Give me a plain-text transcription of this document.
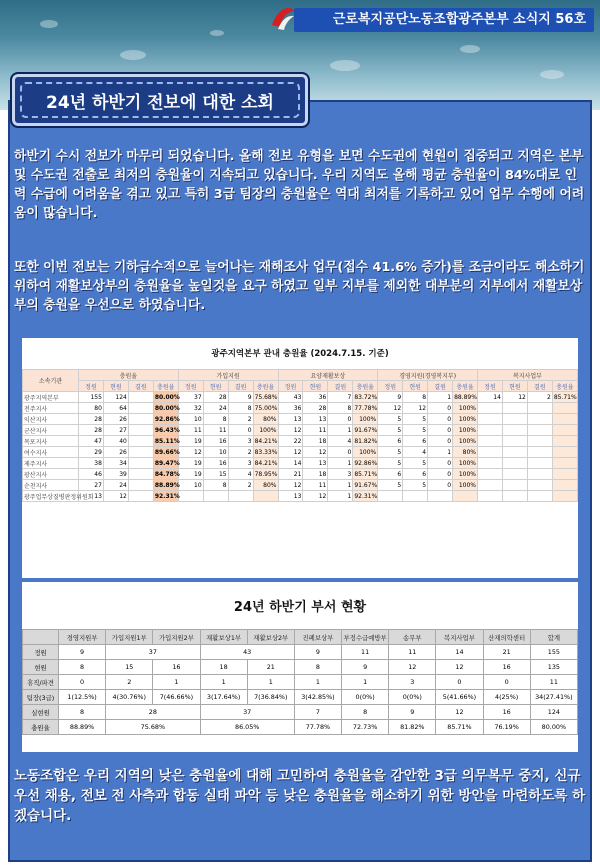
근로복지공단노동조합광주본부 소식지 56호
24년 하반기 전보에 대한 소회
하반기 수시 전보가 마무리 되었습니다. 올해 전보 유형을 보면 수도권에 현원이 집중되고 지역은 본부 및 수도권 전출로 최저의 충원율이 지속되고 있습니다. 우리 지역도 올해 평균 충원율이 84%대로 인력 수급에 어려움을 겪고 있고 특히 3급 팀장의 충원율은 역대 최저를 기록하고 있어 업무 수행에 어려움이 많습니다.
또한 이번 전보는 기하급수적으로 늘어나는 재해조사 업무(접수 41.6% 증가)를 조금이라도 해소하기 위하여 재활보상부의 충원율을 높일것을 요구 하였고 일부 지부를 제외한 대부분의 지부에서 재활보상부의 충원을 우선으로 하였습니다.
광주지역본부 관내 충원율 (2024.7.15. 기준)
소속기관	충원율				가입지원				요양재활보상				경영지원(경영복지부)				복지사업부			
	정원	현원	결원	충원율	정원	현원	결원	충원율	정원	현원	결원	충원율	정원	현원	결원	충원율	정원	현원	결원	충원율
광주지역본부	155	124		80.00%	37	28	9	75.68%	43	36	7	83.72%	9	8	1	88.89%	14	12	2	85.71%
전주지사	80	64		80.00%	32	24	8	75.00%	36	28	8	77.78%	12	12	0	100%				
익산지사	28	26		92.86%	10	8	2	80%	13	13	0	100%	5	5	0	100%				
군산지사	28	27		96.43%	11	11	0	100%	12	11	1	91.67%	5	5	0	100%				
목포지사	47	40		85.11%	19	16	3	84.21%	22	18	4	81.82%	6	6	0	100%				
여수지사	29	26		89.66%	12	10	2	83.33%	12	12	0	100%	5	4	1	80%				
제주지사	38	34		89.47%	19	16	3	84.21%	14	13	1	92.86%	5	5	0	100%				
광산지사	46	39		84.78%	19	15	4	78.95%	21	18	3	85.71%	6	6	0	100%				
순천지사	27	24		88.89%	10	8	2	80%	12	11	1	91.67%	5	5	0	100%				
광주업무상질병판정위원회	13	12		92.31%					13	12	1	92.31%								
24년 하반기 부서 현황
	경영지원부	가입지원1부	가입지원2부	재활보상1부	재활보상2부	진폐보상부	부정수급예방부	송무부	복지사업부	산재의학센터	합계
정원	9	37		43		9	11	11	14	21	155
현원	8	15	16	18	21	8	9	12	12	16	135
휴직/파견	0	2	1	1	1	1	1	3	0	0	11
팀장(3급)	1(12.5%)	4(30.76%)	7(46.66%)	3(17.64%)	7(36.84%)	3(42.85%)	0(0%)	0(0%)	5(41.66%)	4(25%)	34(27.41%)
실현원	8	28		37		7	8	9	12	16	124
충원율	88.89%	75.68%		86.05%		77.78%	72.73%	81.82%	85.71%	76.19%	80.00%
노동조합은 우리 지역의 낮은 충원율에 대해 고민하여 충원율을 감안한 3급 의무복무 중지, 신규 우선 채용, 전보 전 사측과 합동 실태 파악 등 낮은 충원율을 해소하기 위한 방안을 마련하도록 하겠습니다.
